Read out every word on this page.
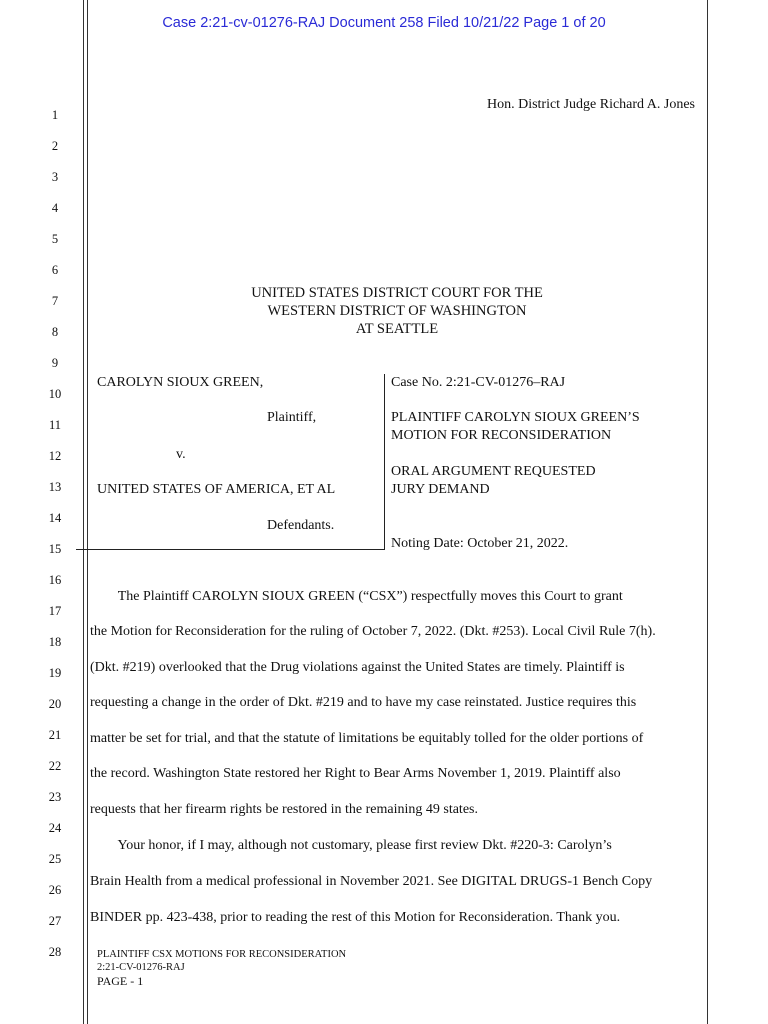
Case 2:21-cv-01276-RAJ Document 258 Filed 10/21/22 Page 1 of 20
Hon. District Judge Richard A. Jones
1
2
3
4
5
6
7
8
9
10
11
12
13
14
15
16
17
18
19
20
21
22
23
24
25
26
27
28
UNITED STATES DISTRICT COURT FOR THE
WESTERN DISTRICT OF WASHINGTON
AT SEATTLE
CAROLYN SIOUX GREEN,
Plaintiff,
v.
UNITED STATES OF AMERICA, ET AL
Defendants.
Case No. 2:21-CV-01276–RAJ
PLAINTIFF CAROLYN SIOUX GREEN’S
MOTION FOR RECONSIDERATION
ORAL ARGUMENT REQUESTED
JURY DEMAND
Noting Date: October 21, 2022.
The Plaintiff CAROLYN SIOUX GREEN (“CSX”) respectfully moves this Court to grant
the Motion for Reconsideration for the ruling of October 7, 2022. (Dkt. #253). Local Civil Rule 7(h).
(Dkt. #219) overlooked that the Drug violations against the United States are timely. Plaintiff is
requesting a change in the order of Dkt. #219 and to have my case reinstated. Justice requires this
matter be set for trial, and that the statute of limitations be equitably tolled for the older portions of
the record. Washington State restored her Right to Bear Arms November 1, 2019. Plaintiff also
requests that her firearm rights be restored in the remaining 49 states.
Your honor, if I may, although not customary, please first review Dkt. #220-3: Carolyn’s
Brain Health from a medical professional in November 2021. See DIGITAL DRUGS-1 Bench Copy
BINDER pp. 423-438, prior to reading the rest of this Motion for Reconsideration. Thank you.
PLAINTIFF CSX MOTIONS FOR RECONSIDERATION
2:21-CV-01276-RAJ
PAGE - 1
